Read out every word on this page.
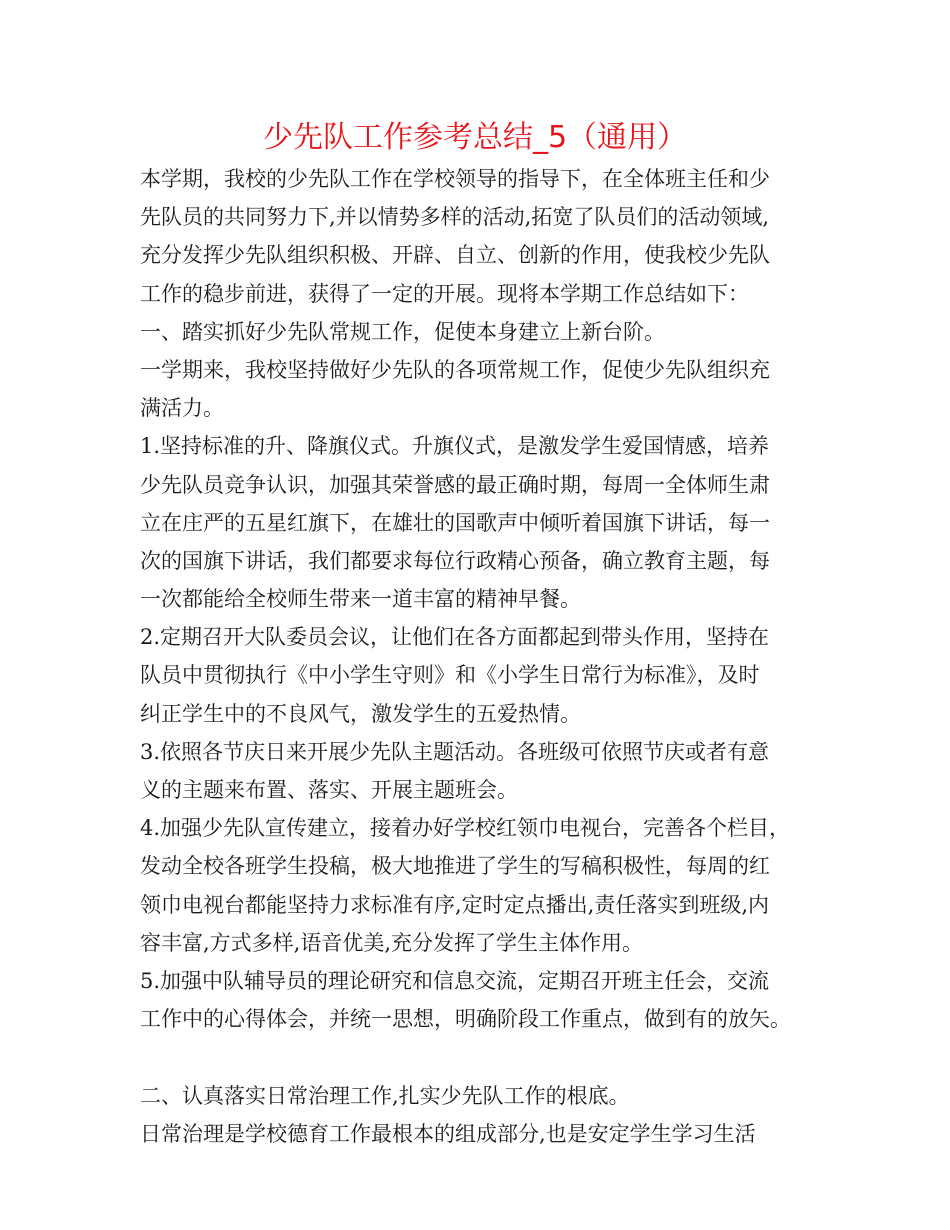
少先队工作参考总结_5（通用）
本学期，我校的少先队工作在学校领导的指导下，在全体班主任和少
先队员的共同努力下,并以情势多样的活动,拓宽了队员们的活动领域,
充分发挥少先队组织积极、开辟、自立、创新的作用，使我校少先队
工作的稳步前进，获得了一定的开展。现将本学期工作总结如下：
一、踏实抓好少先队常规工作，促使本身建立上新台阶。
一学期来，我校坚持做好少先队的各项常规工作，促使少先队组织充
满活力。
1.坚持标准的升、降旗仪式。升旗仪式，是激发学生爱国情感，培养
少先队员竞争认识，加强其荣誉感的最正确时期，每周一全体师生肃
立在庄严的五星红旗下，在雄壮的国歌声中倾听着国旗下讲话，每一
次的国旗下讲话，我们都要求每位行政精心预备，确立教育主题，每
一次都能给全校师生带来一道丰富的精神早餐。
2.定期召开大队委员会议，让他们在各方面都起到带头作用，坚持在
队员中贯彻执行《中小学生守则》和《小学生日常行为标准》，及时
纠正学生中的不良风气，激发学生的五爱热情。
3.依照各节庆日来开展少先队主题活动。各班级可依照节庆或者有意
义的主题来布置、落实、开展主题班会。
4.加强少先队宣传建立，接着办好学校红领巾电视台，完善各个栏目，
发动全校各班学生投稿，极大地推进了学生的写稿积极性，每周的红
领巾电视台都能坚持力求标准有序,定时定点播出,责任落实到班级,内
容丰富,方式多样,语音优美,充分发挥了学生主体作用。
5.加强中队辅导员的理论研究和信息交流，定期召开班主任会，交流
工作中的心得体会，并统一思想，明确阶段工作重点，做到有的放矢。
二、认真落实日常治理工作,扎实少先队工作的根底。
日常治理是学校德育工作最根本的组成部分,也是安定学生学习生活
